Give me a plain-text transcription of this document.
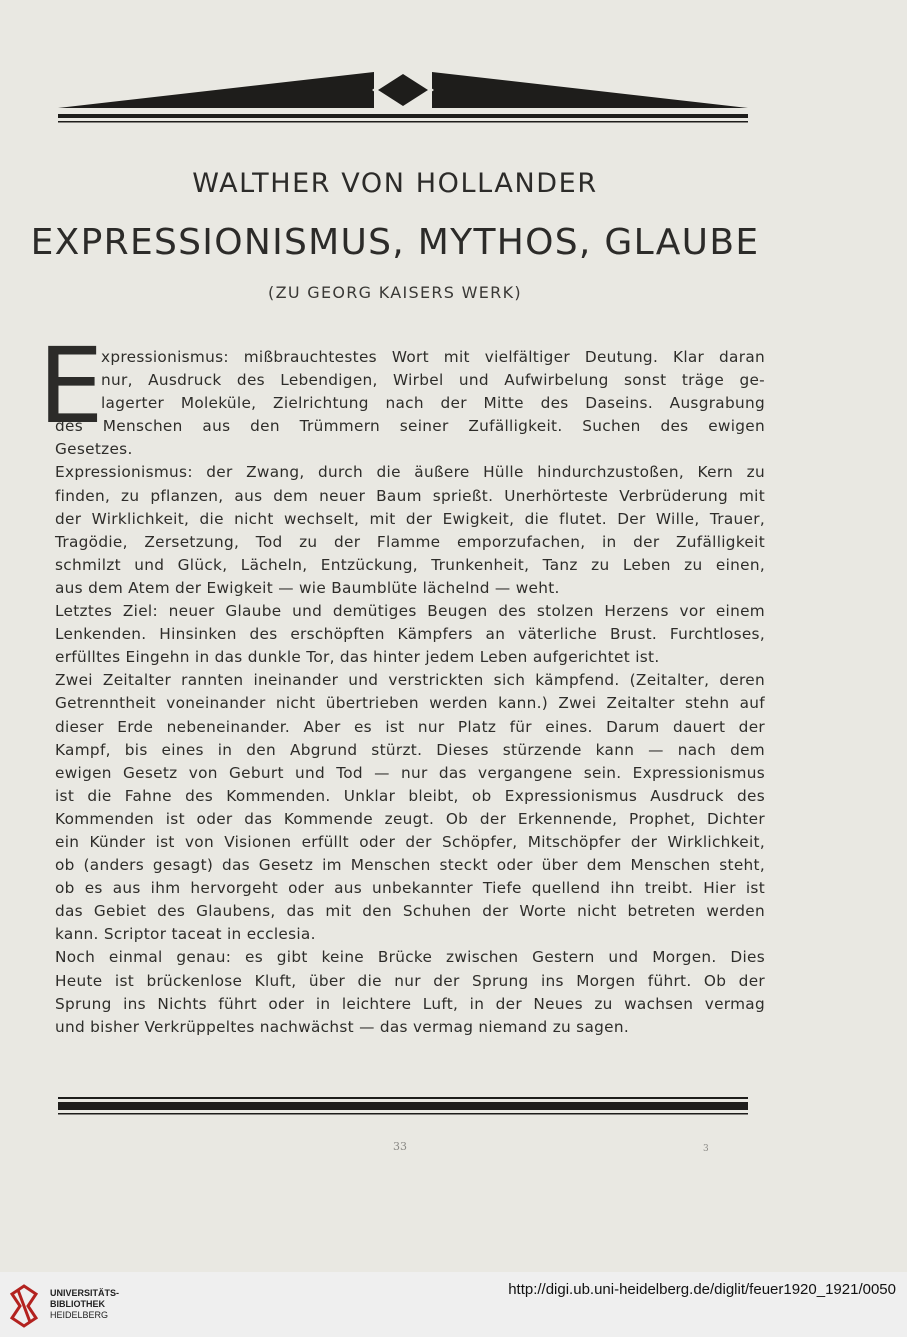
WALTHER VON HOLLANDER
EXPRESSIONISMUS, MYTHOS, GLAUBE
(ZU GEORG KAISERS WERK)
E
xpressionismus: mißbrauchtestes Wort mit vielfältiger Deutung. Klar daran
nur, Ausdruck des Lebendigen, Wirbel und Aufwirbelung sonst träge ge-
lagerter Moleküle, Zielrichtung nach der Mitte des Daseins. Ausgrabung
des Menschen aus den Trümmern seiner Zufälligkeit. Suchen des ewigen
Gesetzes.
Expressionismus: der Zwang, durch die äußere Hülle hindurchzustoßen, Kern zu
finden, zu pflanzen, aus dem neuer Baum sprießt. Unerhörteste Verbrüderung mit
der Wirklichkeit, die nicht wechselt, mit der Ewigkeit, die flutet. Der Wille, Trauer,
Tragödie, Zersetzung, Tod zu der Flamme emporzufachen, in der Zufälligkeit
schmilzt und Glück, Lächeln, Entzückung, Trunkenheit, Tanz zu Leben zu einen,
aus dem Atem der Ewigkeit — wie Baumblüte lächelnd — weht.
Letztes Ziel: neuer Glaube und demütiges Beugen des stolzen Herzens vor einem
Lenkenden. Hinsinken des erschöpften Kämpfers an väterliche Brust. Furchtloses,
erfülltes Eingehn in das dunkle Tor, das hinter jedem Leben aufgerichtet ist.
Zwei Zeitalter rannten ineinander und verstrickten sich kämpfend. (Zeitalter, deren
Getrenntheit voneinander nicht übertrieben werden kann.) Zwei Zeitalter stehn auf
dieser Erde nebeneinander. Aber es ist nur Platz für eines. Darum dauert der
Kampf, bis eines in den Abgrund stürzt. Dieses stürzende kann — nach dem
ewigen Gesetz von Geburt und Tod — nur das vergangene sein. Expressionismus
ist die Fahne des Kommenden. Unklar bleibt, ob Expressionismus Ausdruck des
Kommenden ist oder das Kommende zeugt. Ob der Erkennende, Prophet, Dichter
ein Künder ist von Visionen erfüllt oder der Schöpfer, Mitschöpfer der Wirklichkeit,
ob (anders gesagt) das Gesetz im Menschen steckt oder über dem Menschen steht,
ob es aus ihm hervorgeht oder aus unbekannter Tiefe quellend ihn treibt. Hier ist
das Gebiet des Glaubens, das mit den Schuhen der Worte nicht betreten werden
kann. Scriptor taceat in ecclesia.
Noch einmal genau: es gibt keine Brücke zwischen Gestern und Morgen. Dies
Heute ist brückenlose Kluft, über die nur der Sprung ins Morgen führt. Ob der
Sprung ins Nichts führt oder in leichtere Luft, in der Neues zu wachsen vermag
und bisher Verkrüppeltes nachwächst — das vermag niemand zu sagen.
33	3
UNIVERSITÄTS-
BIBLIOTHEK
HEIDELBERG
http://digi.ub.uni-heidelberg.de/diglit/feuer1920_1921/0050
